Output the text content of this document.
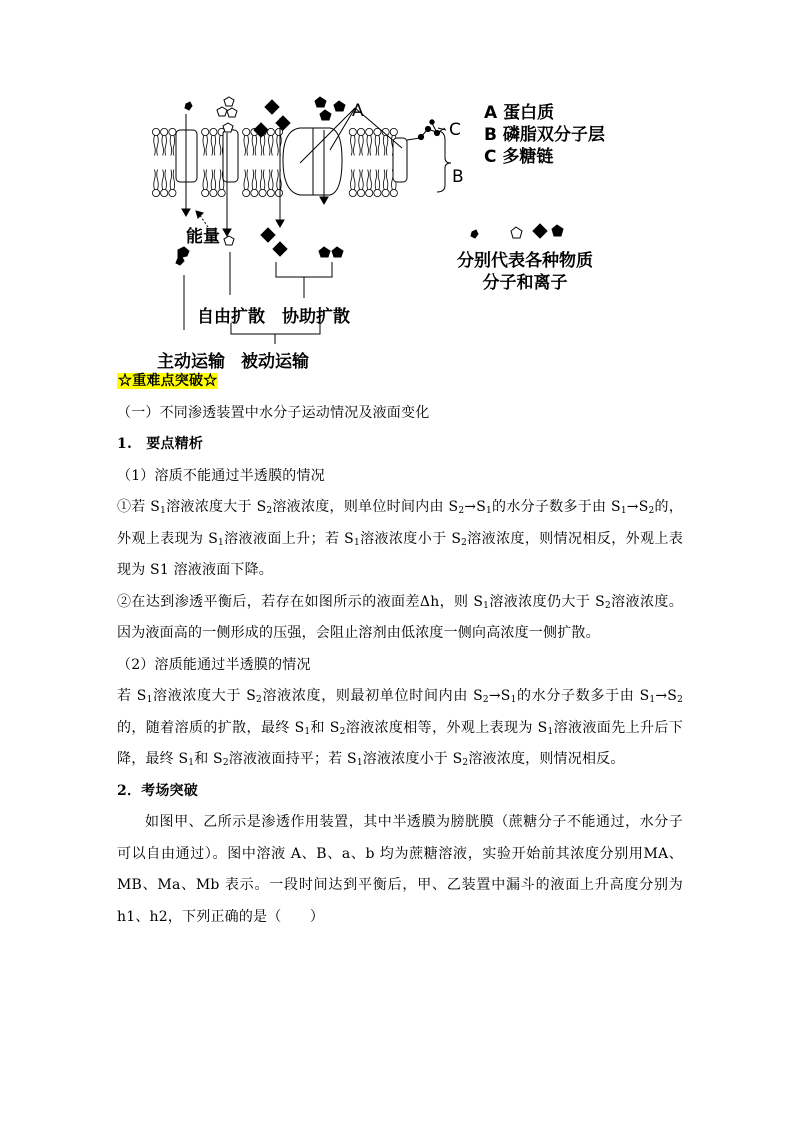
A
C
B
A 蛋白质
B 磷脂双分子层
C 多糖链
能量
分别代表各种物质
分子和离子
自由扩散 协助扩散
主动运输 被动运输
☆重难点突破☆
（一）不同渗透装置中水分子运动情况及液面变化
1.　要点精析
（1）溶质不能通过半透膜的情况
①若 $S_1$溶液浓度大于 $S_2$溶液浓度，则单位时间内由 $S_2\to S_1$的水分子数多于由 $S_1\to S_2$的，外观上表现为 $S_1$溶液液面上升；若 $S_1$溶液浓度小于 $S_2$溶液浓度，则情况相反，外观上表现为 S1 溶液液面下降。
②在达到渗透平衡后，若存在如图所示的液面差Δh，则 $S_1$溶液浓度仍大于 $S_2$溶液浓度。因为液面高的一侧形成的压强，会阻止溶剂由低浓度一侧向高浓度一侧扩散。
（2）溶质能通过半透膜的情况
若 $S_1$溶液浓度大于 $S_2$溶液浓度，则最初单位时间内由 $S_2\to S_1$的水分子数多于由 $S_1\to S_2$的，随着溶质的扩散，最终 $S_1$和 $S_2$溶液浓度相等，外观上表现为 $S_1$溶液液面先上升后下降，最终 $S_1$和 $S_2$溶液液面持平；若 $S_1$溶液浓度小于 $S_2$溶液浓度，则情况相反。
2．考场突破
如图甲、乙所示是渗透作用装置，其中半透膜为膀胱膜（蔗糖分子不能通过，水分子可以自由通过）。图中溶液 A、B、a、b 均为蔗糖溶液，实验开始前其浓度分别用MA、MB、Ma、Mb 表示。一段时间达到平衡后，甲、乙装置中漏斗的液面上升高度分别为 h1、h2，下列正确的是（　　）
